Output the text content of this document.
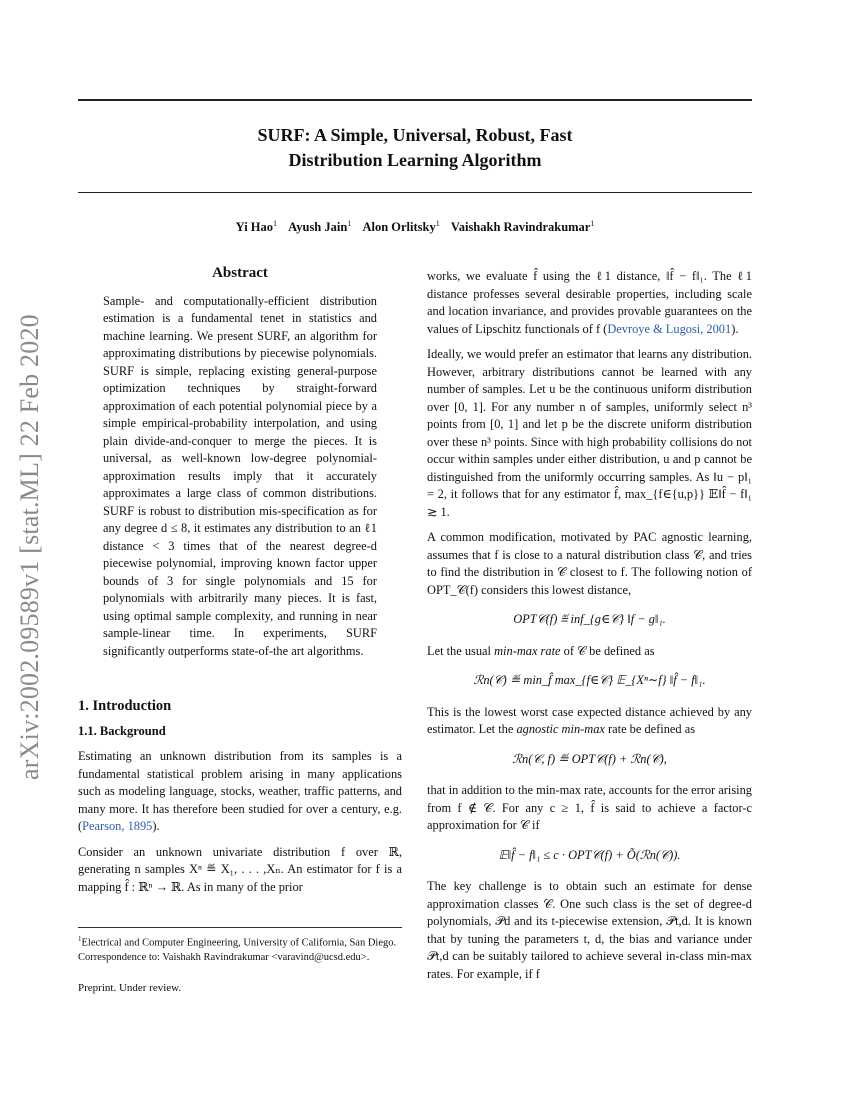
SURF: A Simple, Universal, Robust, Fast
Distribution Learning Algorithm
Yi Hao$^1$ Ayush Jain$^1$ Alon Orlitsky$^1$ Vaishakh Ravindrakumar$^1$
arXiv:2002.09589v1 [stat.ML] 22 Feb 2020
Abstract

Sample- and computationally-efficient distribution estimation is a fundamental tenet in statistics and machine learning. We present SURF, an algorithm for approximating distributions by piecewise polynomials. SURF is simple, replacing existing general-purpose optimization techniques by straight-forward approximation of each potential polynomial piece by a simple empirical-probability interpolation, and using plain divide-and-conquer to merge the pieces. It is universal, as well-known low-degree polynomial-approximation results imply that it accurately approximates a large class of common distributions. SURF is robust to distribution mis-specification as for any degree d ≤ 8, it estimates any distribution to an ℓ1 distance < 3 times that of the nearest degree-d piecewise polynomial, improving known factor upper bounds of 3 for single polynomials and 15 for polynomials with arbitrarily many pieces. It is fast, using optimal sample complexity, and running in near sample-linear time. In experiments, SURF significantly outperforms state-of-the art algorithms.

1. Introduction
1.1. Background

Estimating an unknown distribution from its samples is a fundamental statistical problem arising in many applications such as modeling language, stocks, weather, traffic patterns, and many more. It has therefore been studied for over a century, e.g. (Pearson, 1895).

Consider an unknown univariate distribution f over ℝ, generating n samples Xⁿ ≝ X₁, . . . ,Xₙ. An estimator for f is a mapping f̂ : ℝⁿ → ℝ. As in many of the prior

$^1$Electrical and Computer Engineering, University of California, San Diego. Correspondence to: Vaishakh Ravindrakumar <varavind@ucsd.edu>.
Preprint. Under review.

works, we evaluate f̂ using the ℓ1 distance, ‖f̂ − f‖₁. The ℓ1 distance professes several desirable properties, including scale and location invariance, and provides provable guarantees on the values of Lipschitz functionals of f (Devroye & Lugosi, 2001).

Ideally, we would prefer an estimator that learns any distribution. However, arbitrary distributions cannot be learned with any number of samples. Let u be the continuous uniform distribution over [0, 1]. For any number n of samples, uniformly select n³ points from [0, 1] and let p be the discrete uniform distribution over these n³ points. Since with high probability collisions do not occur within samples under either distribution, u and p cannot be distinguished from the uniformly occurring samples. As ‖u − p‖₁ = 2, it follows that for any estimator f̂, max_{f∈{u,p}} 𝔼‖f̂ − f‖₁ ≳ 1.

A common modification, motivated by PAC agnostic learning, assumes that f is close to a natural distribution class 𝒞, and tries to find the distribution in 𝒞 closest to f. The following notion of OPT_𝒞(f) considers this lowest distance,

OPT𝒞(f) ≝ inf_{g∈𝒞} ‖f − g‖₁.

Let the usual min-max rate of 𝒞 be defined as

ℛn(𝒞) ≝ min_f̂ max_{f∈𝒞} 𝔼_{Xⁿ∼f} ‖f̂ − f‖₁.

This is the lowest worst case expected distance achieved by any estimator. Let the agnostic min-max rate be defined as

ℛn(𝒞, f) ≝ OPT𝒞(f) + ℛn(𝒞),

that in addition to the min-max rate, accounts for the error arising from f ∉ 𝒞. For any c ≥ 1, f̂ is said to achieve a factor-c approximation for 𝒞 if

𝔼‖f̂ − f‖₁ ≤ c · OPT𝒞(f) + Õ(ℛn(𝒞)).

The key challenge is to obtain such an estimate for dense approximation classes 𝒞. One such class is the set of degree-d polynomials, 𝒫d and its t-piecewise extension, 𝒫t,d. It is known that by tuning the parameters t, d, the bias and variance under 𝒫t,d can be suitably tailored to achieve several in-class min-max rates. For example, if f
